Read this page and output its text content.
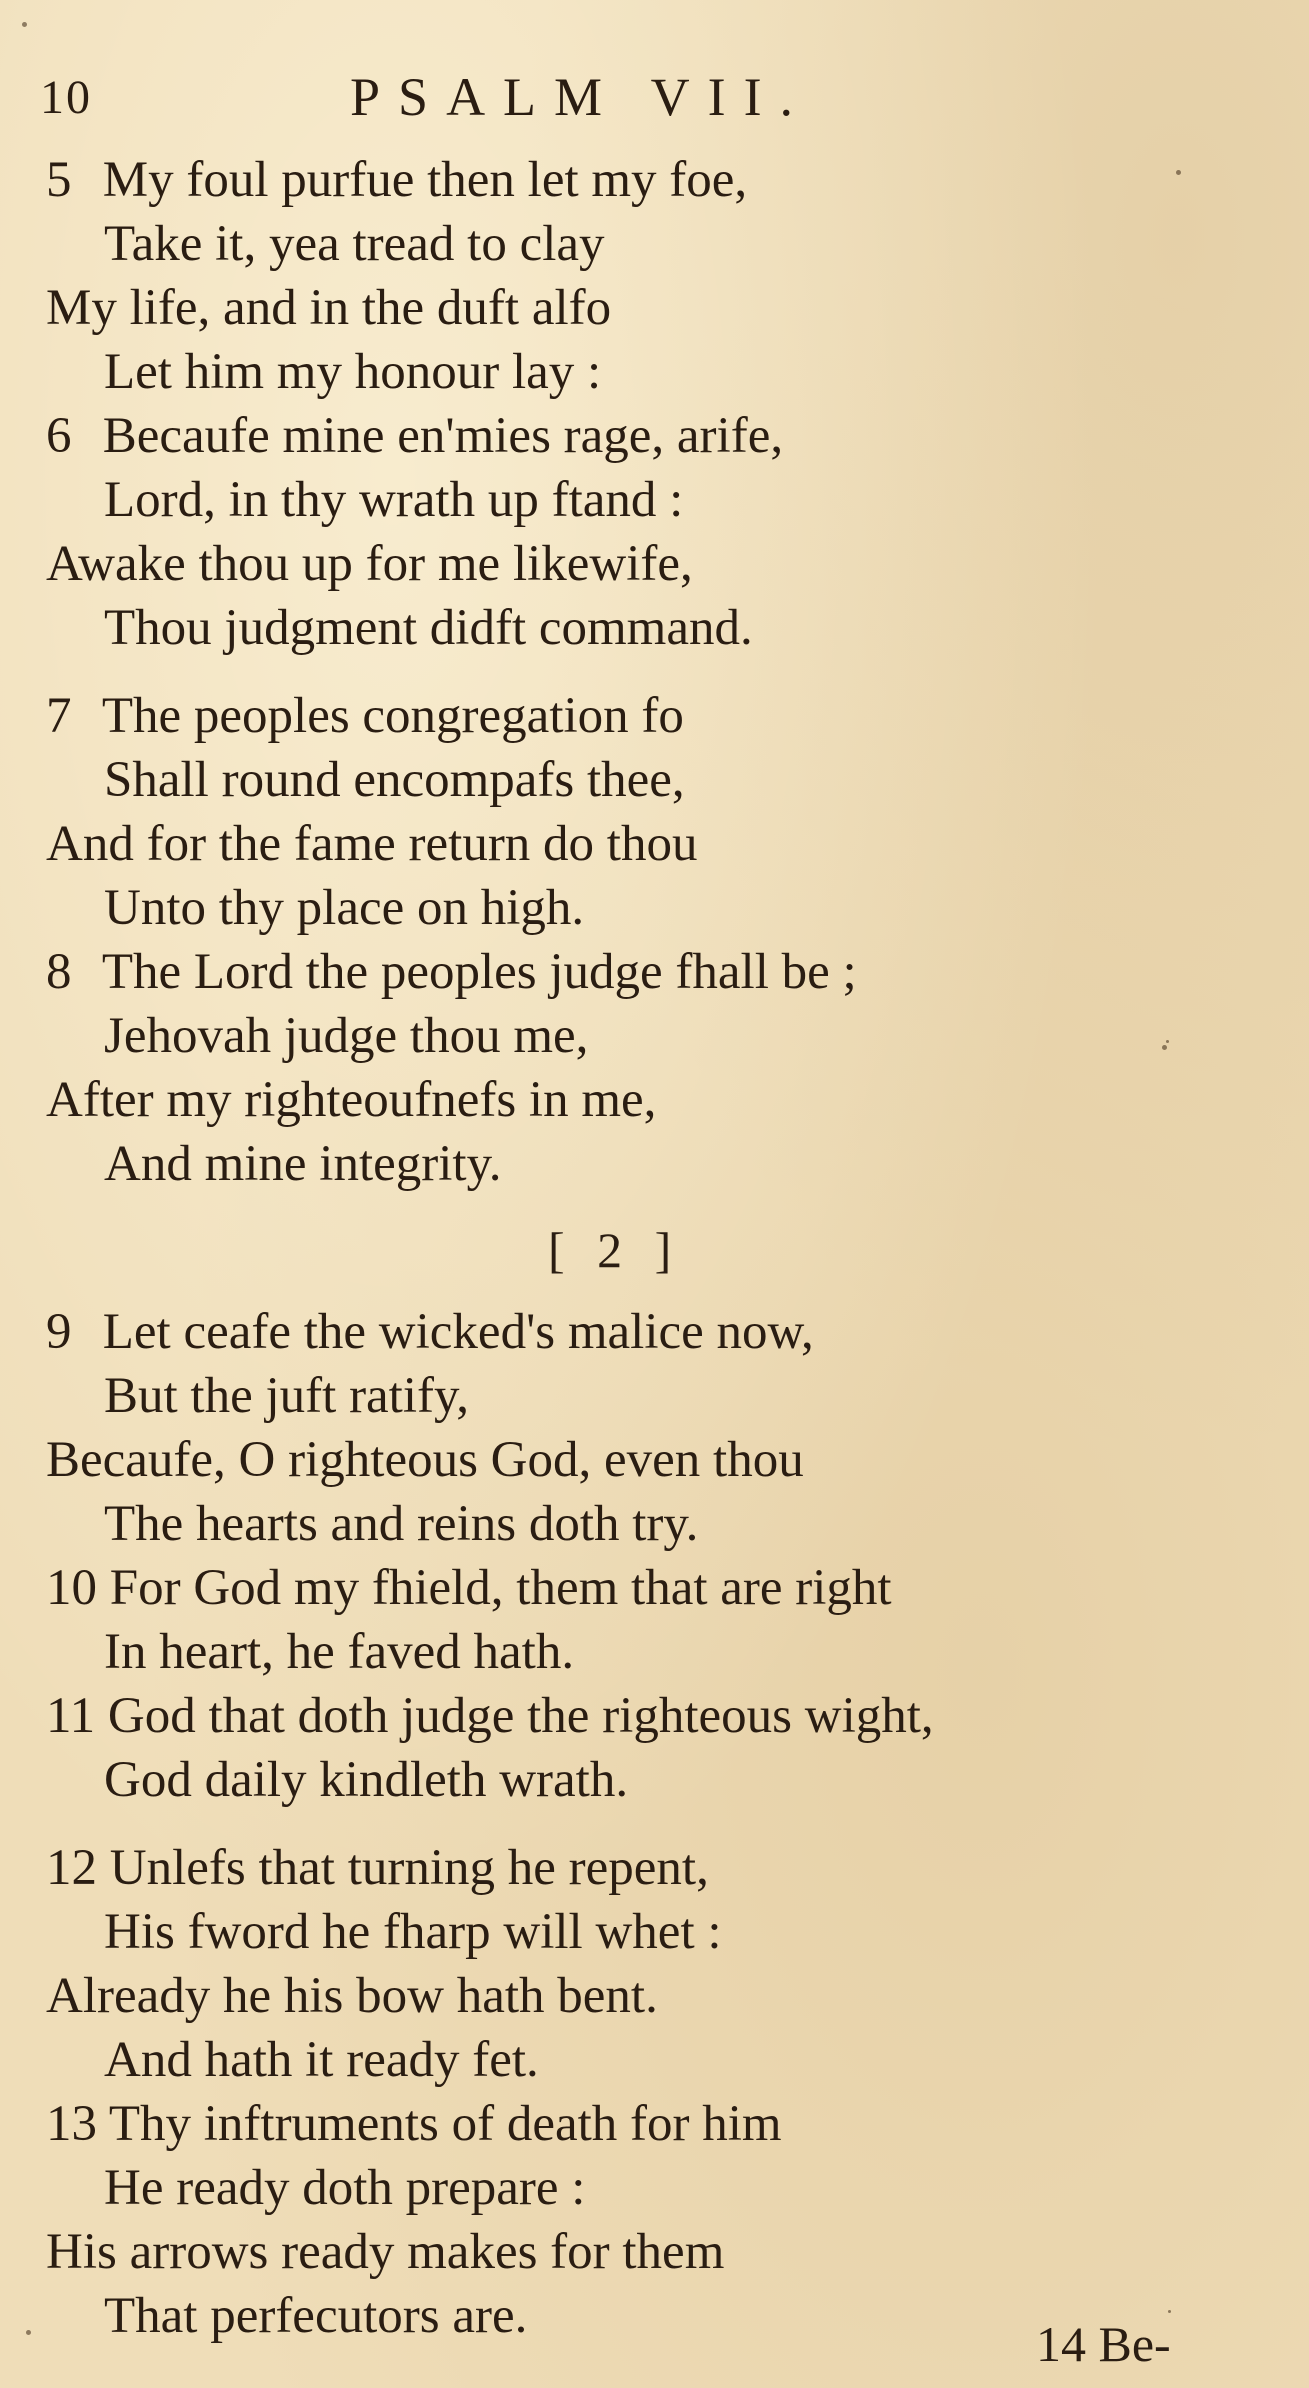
10	PSALM VII.
5 My foul purfue then let my foe,
Take it, yea tread to clay
My life, and in the duft alfo
Let him my honour lay :
6 Becaufe mine en'mies rage, arife,
Lord, in thy wrath up ftand :
Awake thou up for me likewife,
Thou judgment didft command.
7 The peoples congregation fo
Shall round encompafs thee,
And for the fame return do thou
Unto thy place on high.
8 The Lord the peoples judge fhall be ;
Jehovah judge thou me,
After my righteoufnefs in me,
And mine integrity.
[ 2 ]
9 Let ceafe the wicked's malice now,
But the juft ratify,
Becaufe, O righteous God, even thou
The hearts and reins doth try.
10 For God my fhield, them that are right
In heart, he faved hath.
11 God that doth judge the righteous wight,
God daily kindleth wrath.
12 Unlefs that turning he repent,
His fword he fharp will whet :
Already he his bow hath bent.
And hath it ready fet.
13 Thy inftruments of death for him
He ready doth prepare :
His arrows ready makes for them
That perfecutors are.	14 Be-
